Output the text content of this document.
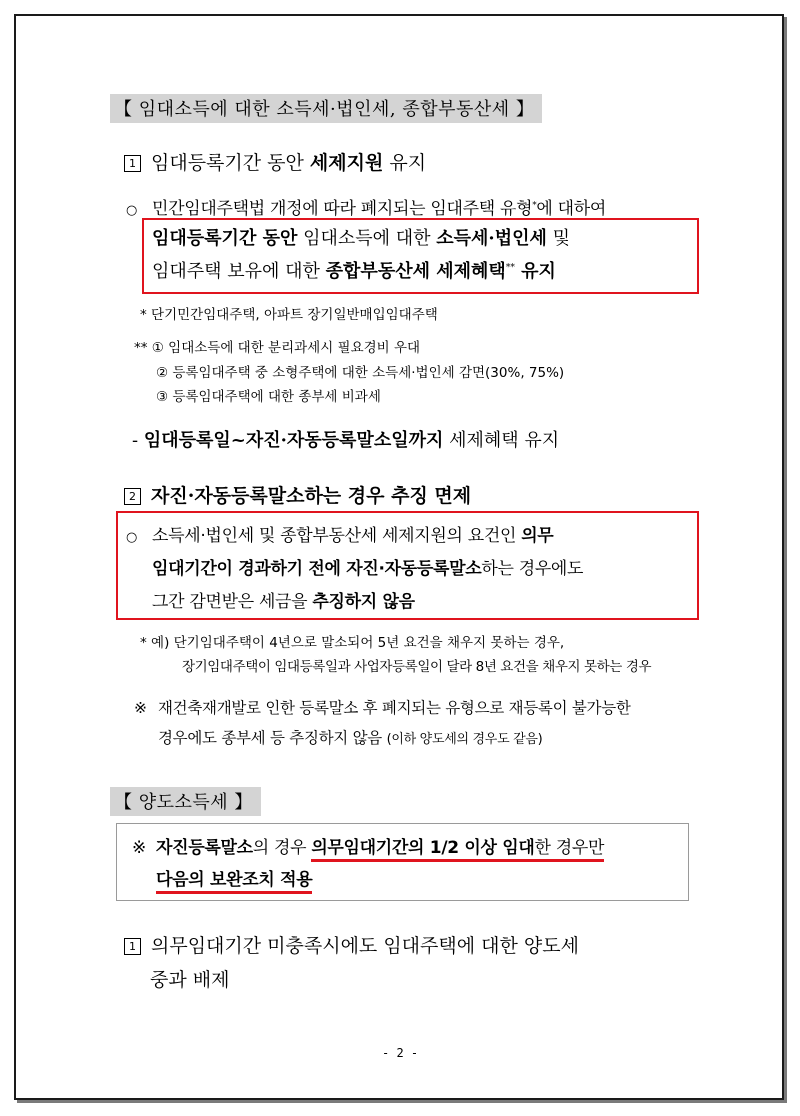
【 임대소득에 대한 소득세·법인세, 종합부동산세 】
1 임대등록기간 동안 세제지원 유지
○ 민간임대주택법 개정에 따라 폐지되는 임대주택 유형*에 대하여
임대등록기간 동안 임대소득에 대한 소득세·법인세 및
임대주택 보유에 대한 종합부동산세 세제혜택** 유지
* 단기민간임대주택, 아파트 장기일반매입임대주택
** ① 임대소득에 대한 분리과세시 필요경비 우대
② 등록임대주택 중 소형주택에 대한 소득세·법인세 감면(30%, 75%)
③ 등록임대주택에 대한 종부세 비과세
- 임대등록일~자진·자동등록말소일까지 세제혜택 유지
2 자진·자동등록말소하는 경우 추징 면제
○ 소득세·법인세 및 종합부동산세 세제지원의 요건인 의무
임대기간이 경과하기 전에 자진·자동등록말소하는 경우에도
그간 감면받은 세금을 추징하지 않음
* 예) 단기임대주택이 4년으로 말소되어 5년 요건을 채우지 못하는 경우,
장기임대주택이 임대등록일과 사업자등록일이 달라 8년 요건을 채우지 못하는 경우
※ 재건축재개발로 인한 등록말소 후 폐지되는 유형으로 재등록이 불가능한
경우에도 종부세 등 추징하지 않음 (이하 양도세의 경우도 같음)
【 양도소득세 】
※ 자진등록말소의 경우 의무임대기간의 1/2 이상 임대한 경우만
다음의 보완조치 적용
1 의무임대기간 미충족시에도 임대주택에 대한 양도세
중과 배제
- 2 -
